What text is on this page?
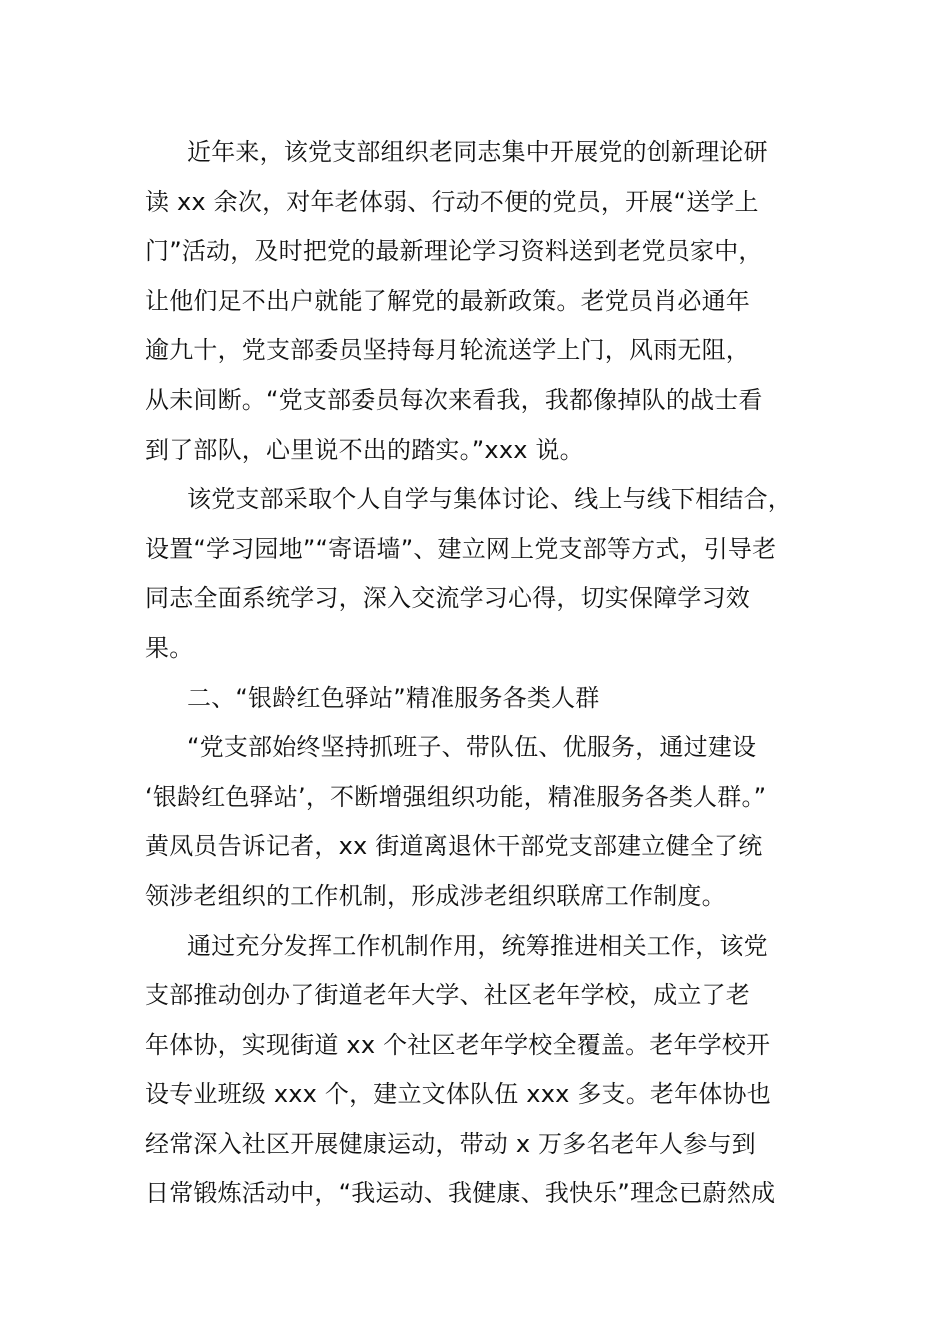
近年来，该党支部组织老同志集中开展党的创新理论研
读 xx 余次，对年老体弱、行动不便的党员，开展“送学上
门”活动，及时把党的最新理论学习资料送到老党员家中，
让他们足不出户就能了解党的最新政策。老党员肖必通年
逾九十，党支部委员坚持每月轮流送学上门，风雨无阻，
从未间断。“党支部委员每次来看我，我都像掉队的战士看
到了部队，心里说不出的踏实。”xxx 说。
该党支部采取个人自学与集体讨论、线上与线下相结合，
设置“学习园地”“寄语墙”、建立网上党支部等方式，引导老
同志全面系统学习，深入交流学习心得，切实保障学习效
果。
二、“银龄红色驿站”精准服务各类人群
“党支部始终坚持抓班子、带队伍、优服务，通过建设
‘银龄红色驿站’，不断增强组织功能，精准服务各类人群。”
黄凤员告诉记者，xx 街道离退休干部党支部建立健全了统
领涉老组织的工作机制，形成涉老组织联席工作制度。
通过充分发挥工作机制作用，统筹推进相关工作，该党
支部推动创办了街道老年大学、社区老年学校，成立了老
年体协，实现街道 xx 个社区老年学校全覆盖。老年学校开
设专业班级 xxx 个，建立文体队伍 xxx 多支。老年体协也
经常深入社区开展健康运动，带动 x 万多名老年人参与到
日常锻炼活动中，“我运动、我健康、我快乐”理念已蔚然成
